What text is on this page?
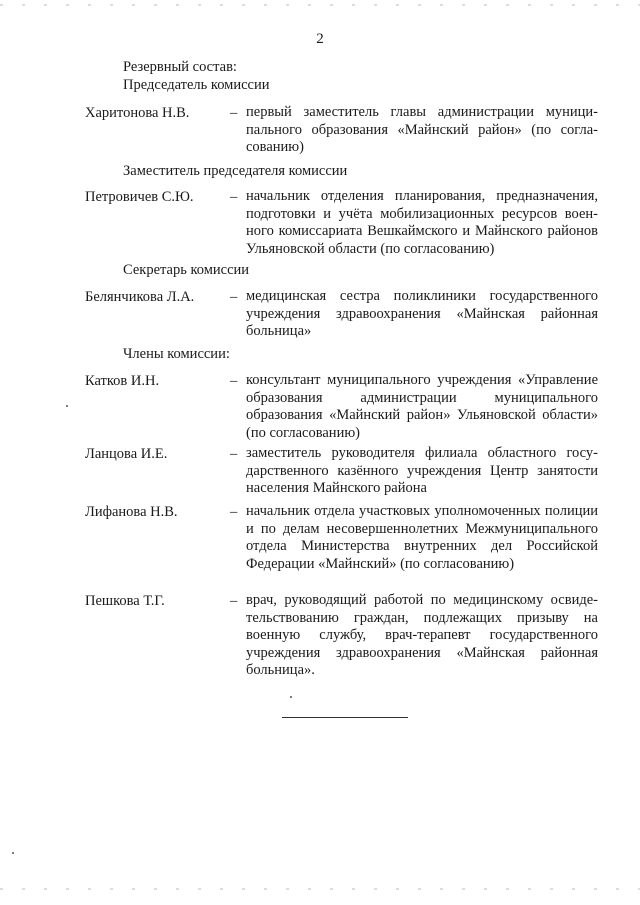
2
Резервный состав:
Председатель комиссии
Харитонова Н.В.	– первый заместитель главы администрации муниципального образования «Майнский район» (по согласованию)
Заместитель председателя комиссии
Петровичев С.Ю.	– начальник отделения планирования, предназначения, подготовки и учёта мобилизационных ресурсов военного комиссариата Вешкаймского и Майнского районов Ульяновской области (по согласованию)
Секретарь комиссии
Белянчикова Л.А. – медицинская сестра поликлиники государственного учреждения здравоохранения «Майнская районная больница»
Члены комиссии:
Катков И.Н.	– консультант муниципального учреждения «Управление образования администрации муниципального образования «Майнский район» Ульяновской области» (по согласованию)
Ланцова И.Е.	– заместитель руководителя филиала областного государственного казённого учреждения Центр занятости населения Майнского района
Лифанова Н.В.	– начальник отдела участковых уполномоченных полиции и по делам несовершеннолетних Межмуниципального отдела Министерства внутренних дел Российской Федерации «Майнский» (по согласованию)
Пешкова Т.Г.	– врач, руководящий работой по медицинскому освидетельствованию граждан, подлежащих призыву на военную службу, врач-терапевт государственного учреждения здравоохранения «Майнская районная больница».
